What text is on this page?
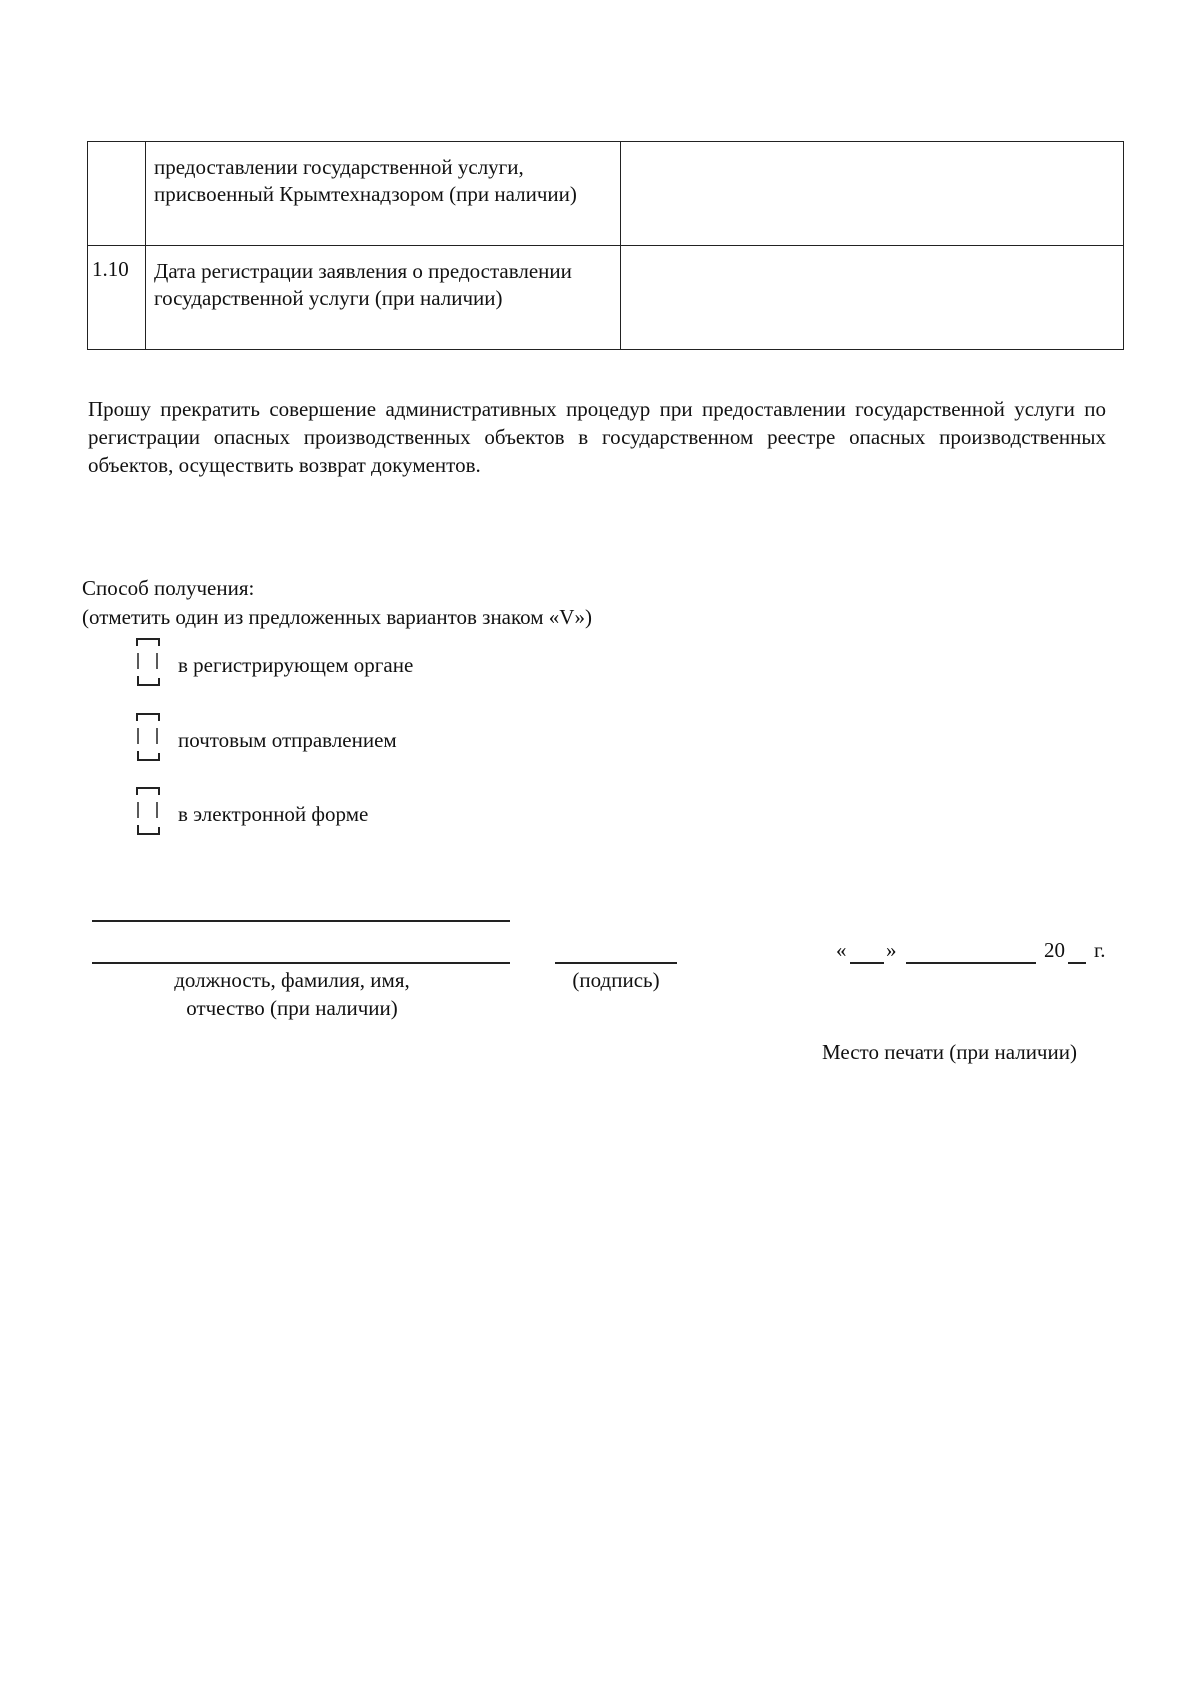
	предоставлении государственной услуги, присвоенный Крымтехнадзором (при наличии)	
1.10	Дата регистрации заявления о предоставлении государственной услуги (при наличии)	
Прошу прекратить совершение административных процедур при предоставлении государственной услуги по регистрации опасных производственных объектов в государственном реестре опасных производственных объектов, осуществить возврат документов.
Способ получения:
(отметить один из предложенных вариантов знаком «V»)
в регистрирующем органе
почтовым отправлением
в электронной форме
должность, фамилия, имя,
отчество (при наличии)
(подпись)
« »	20 г.
Место печати (при наличии)
